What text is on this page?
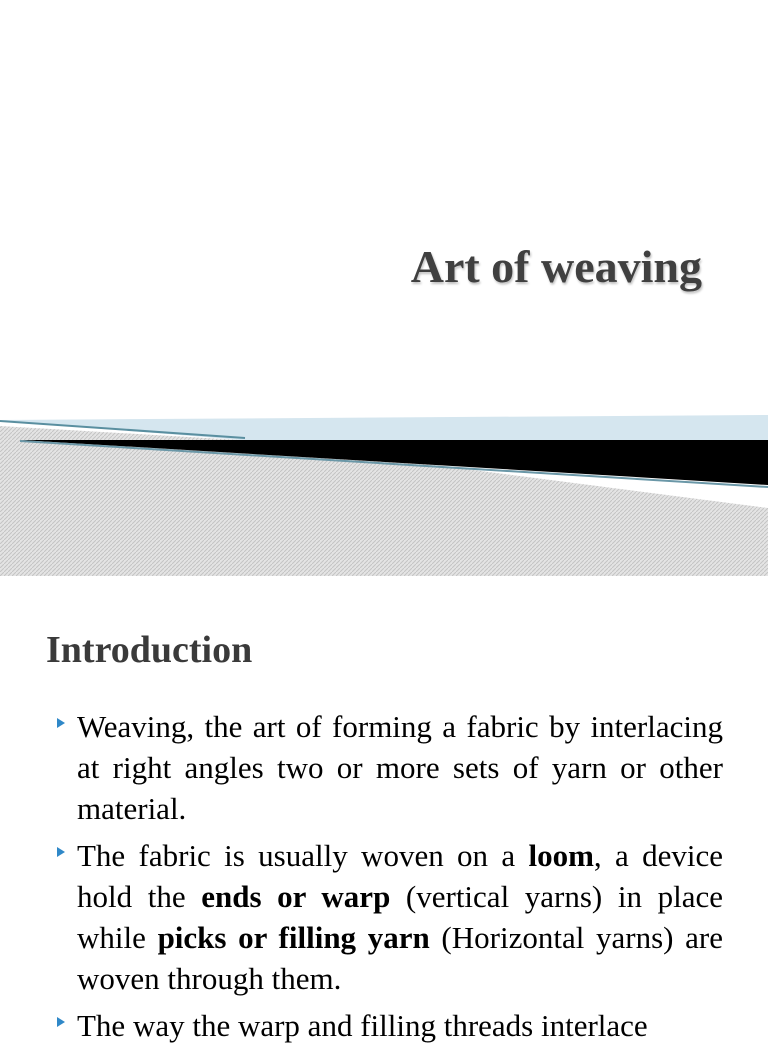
Art of weaving
Introduction
Weaving, the art of forming a fabric by interlacing at right angles two or more sets of yarn or other material.
The fabric is usually woven on a loom, a device hold the ends or warp (vertical yarns) in place while picks or filling yarn (Horizontal yarns) are woven through them.
The way the warp and filling threads interlace
